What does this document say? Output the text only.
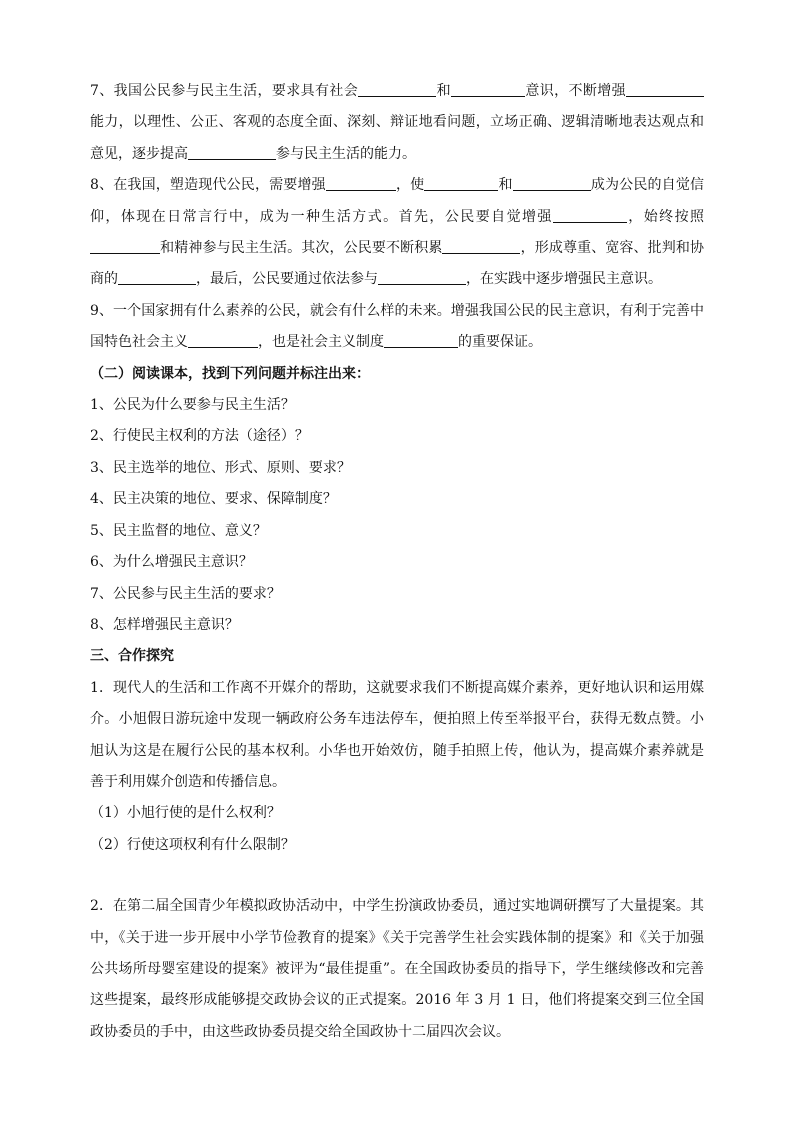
7、我国公民参与民主生活，要求具有社会	和	意识，不断增强能力，以理性、公正、客观的态度全面、深刻、辩证地看问题，立场正确、逻辑清晰地表达观点和意见，逐步提高	参与民主生活的能力。

8、在我国，塑造现代公民，需要增强	，使	和	成为公民的自觉信仰，体现在日常言行中，成为一种生活方式。首先，公民要自觉增强	，始终按照和精神参与民主生活。其次，公民要不断积累	，形成尊重、宽容、批判和协商的	，最后，公民要通过依法参与	，在实践中逐步增强民主意识。

9、一个国家拥有什么素养的公民，就会有什么样的未来。增强我国公民的民主意识，有利于完善中国特色社会主义	，也是社会主义制度	的重要保证。

（二）阅读课本，找到下列问题并标注出来：

1、公民为什么要参与民主生活？

2、行使民主权利的方法（途径）？

3、民主选举的地位、形式、原则、要求？

4、民主决策的地位、要求、保障制度？

5、民主监督的地位、意义？

6、为什么增强民主意识？

7、公民参与民主生活的要求？

8、怎样增强民主意识？

三、合作探究

1．现代人的生活和工作离不开媒介的帮助，这就要求我们不断提高媒介素养，更好地认识和运用媒介。小旭假日游玩途中发现一辆政府公务车违法停车，便拍照上传至举报平台，获得无数点赞。小旭认为这是在履行公民的基本权利。小华也开始效仿，随手拍照上传，他认为，提高媒介素养就是善于利用媒介创造和传播信息。

（1）小旭行使的是什么权利？

（2）行使这项权利有什么限制？

2．在第二届全国青少年模拟政协活动中，中学生扮演政协委员，通过实地调研撰写了大量提案。其中，《关于进一步开展中小学节俭教育的提案》《关于完善学生社会实践体制的提案》和《关于加强公共场所母婴室建设的提案》被评为“最佳提重”。在全国政协委员的指导下，学生继续修改和完善这些提案，最终形成能够提交政协会议的正式提案。2016 年 3 月 1 日，他们将提案交到三位全国政协委员的手中，由这些政协委员提交给全国政协十二届四次会议。
